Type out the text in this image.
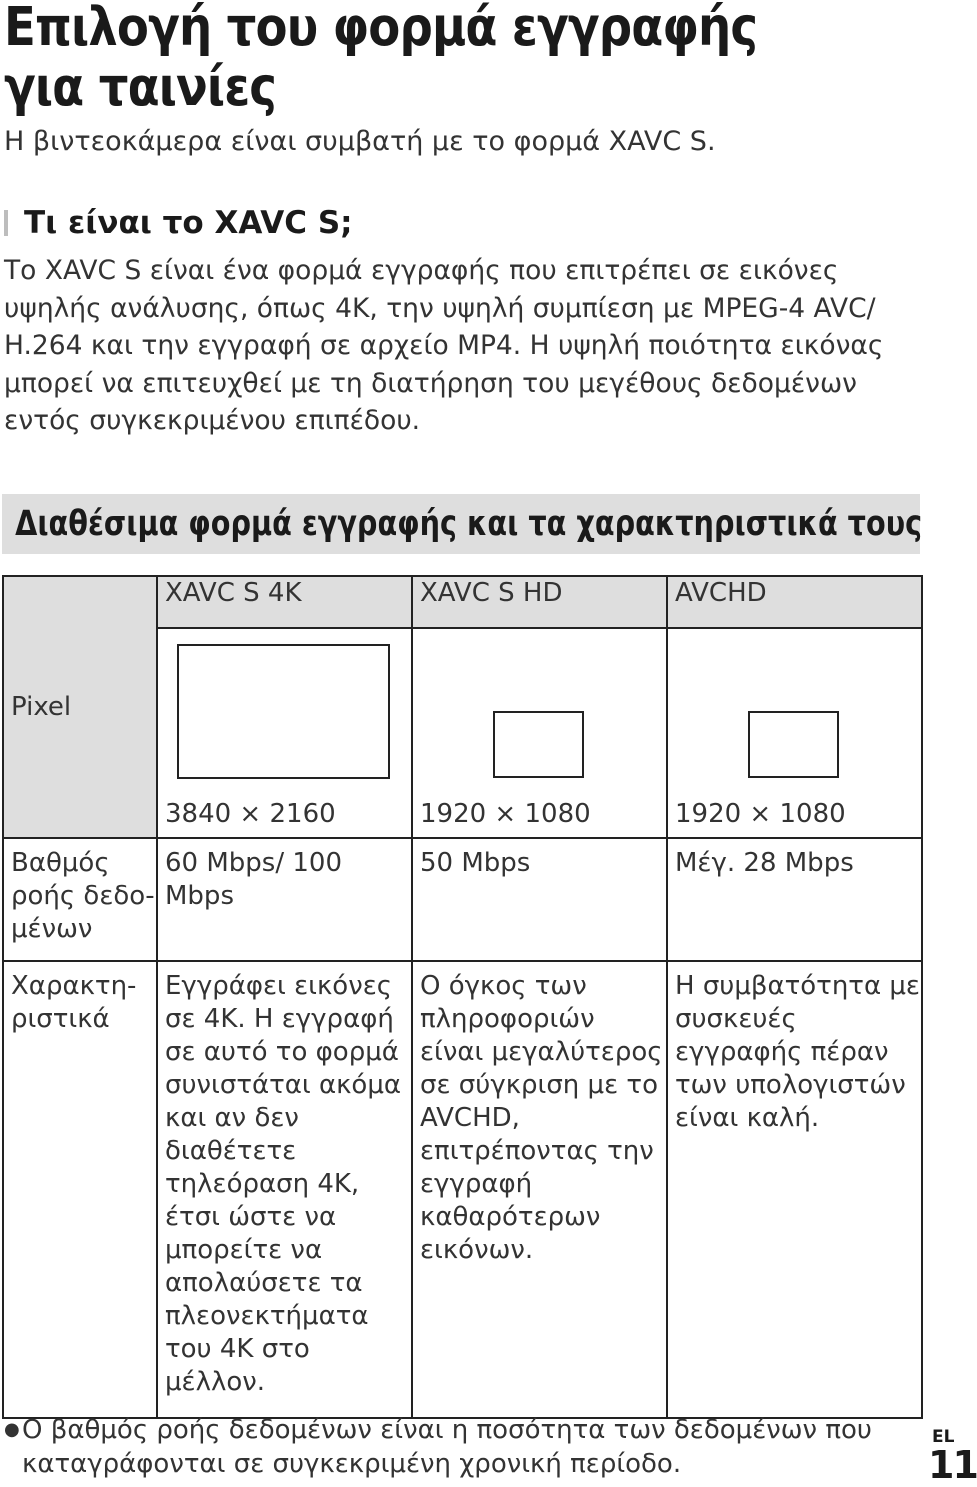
Επιλογή του φορμά εγγραφής για ταινίες

Η βιντεοκάμερα είναι συμβατή με το φορμά XAVC S.

Τι είναι το XAVC S;

Το XAVC S είναι ένα φορμά εγγραφής που επιτρέπει σε εικόνες υψηλής ανάλυσης, όπως 4K, την υψηλή συμπίεση με MPEG-4 AVC/ H.264 και την εγγραφή σε αρχείο MP4. Η υψηλή ποιότητα εικόνας μπορεί να επιτευχθεί με τη διατήρηση του μεγέθους δεδομένων εντός συγκεκριμένου επιπέδου.

Διαθέσιμα φορμά εγγραφής και τα χαρακτηριστικά τους
Pixel	XAVC S 4K	XAVC S HD	AVCHD

	3840 × 2160	1920 × 1080	1920 × 1080

Βαθμός ροής δεδο-μένων	60 Mbps/ 100 Mbps	50 Mbps	Μέγ. 28 Mbps
Χαρακτη-ριστικά	Εγγράφει εικόνες σε 4K. Η εγγραφή σε αυτό το φορμά συνιστάται ακόμα και αν δεν διαθέτετε τηλεόραση 4K, έτσι ώστε να μπορείτε να απολαύσετε τα πλεονεκτήματα του 4K στο μέλλον.	Ο όγκος των πληροφοριών είναι μεγαλύτερος σε σύγκριση με το AVCHD, επιτρέποντας την εγγραφή καθαρότερων εικόνων.	Η συμβατότητα με συσκευές εγγραφής πέραν των υπολογιστών είναι καλή.
● Ο βαθμός ροής δεδομένων είναι η ποσότητα των δεδομένων που καταγράφονται σε συγκεκριμένη χρονική περίοδο.
EL
11
